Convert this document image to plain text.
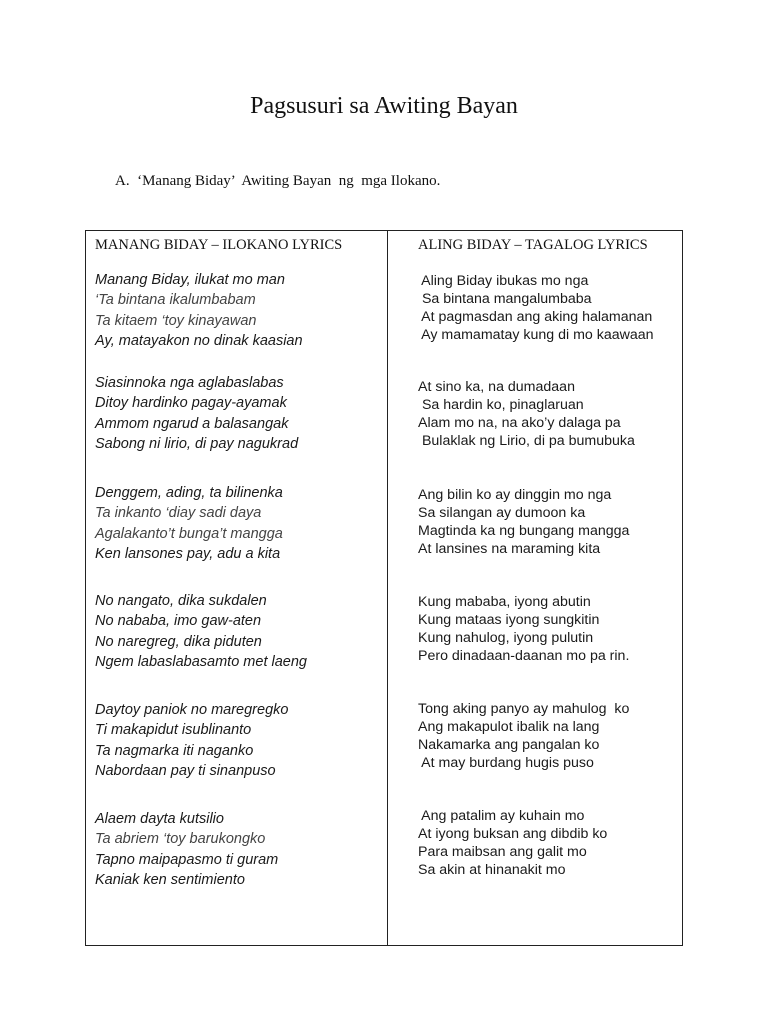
Pagsusuri sa Awiting Bayan
A.  ‘Manang Biday’  Awiting Bayan  ng  mga Ilokano.
MANANG BIDAY – ILOKANO LYRICS	ALING BIDAY – TAGALOG LYRICS
Manang Biday, ilukat mo man
‘Ta bintana ikalumbabam
Ta kitaem ‘toy kinayawan
Ay, matayakon no dinak kaasian
Siasinnoka nga aglabaslabas
Ditoy hardinko pagay-ayamak
Ammom ngarud a balasangak
Sabong ni lirio, di pay nagukrad
Denggem, ading, ta bilinenka
Ta inkanto ‘diay sadi daya
Agalakanto’t bunga’t mangga
Ken lansones pay, adu a kita
No nangato, dika sukdalen
No nababa, imo gaw-aten
No naregreg, dika piduten
Ngem labaslabasamto met laeng
Daytoy paniok no maregregko
Ti makapidut isublinanto
Ta nagmarka iti naganko
Nabordaan pay ti sinanpuso
Alaem dayta kutsilio
Ta abriem ‘toy barukongko
Tapno maipapasmo ti guram
Kaniak ken sentimiento
Aling Biday ibukas mo nga
Sa bintana mangalumbaba
At pagmasdan ang aking halamanan
Ay mamamatay kung di mo kaawaan
At sino ka, na dumadaan
Sa hardin ko, pinaglaruan
Alam mo na, na ako’y dalaga pa
Bulaklak ng Lirio, di pa bumubuka
Ang bilin ko ay dinggin mo nga
Sa silangan ay dumoon ka
Magtinda ka ng bungang mangga
At lansines na maraming kita
Kung mababa, iyong abutin
Kung mataas iyong sungkitin
Kung nahulog, iyong pulutin
Pero dinadaan-daanan mo pa rin.
Tong aking panyo ay mahulog  ko
Ang makapulot ibalik na lang
Nakamarka ang pangalan ko
At may burdang hugis puso
Ang patalim ay kuhain mo
At iyong buksan ang dibdib ko
Para maibsan ang galit mo
Sa akin at hinanakit mo
